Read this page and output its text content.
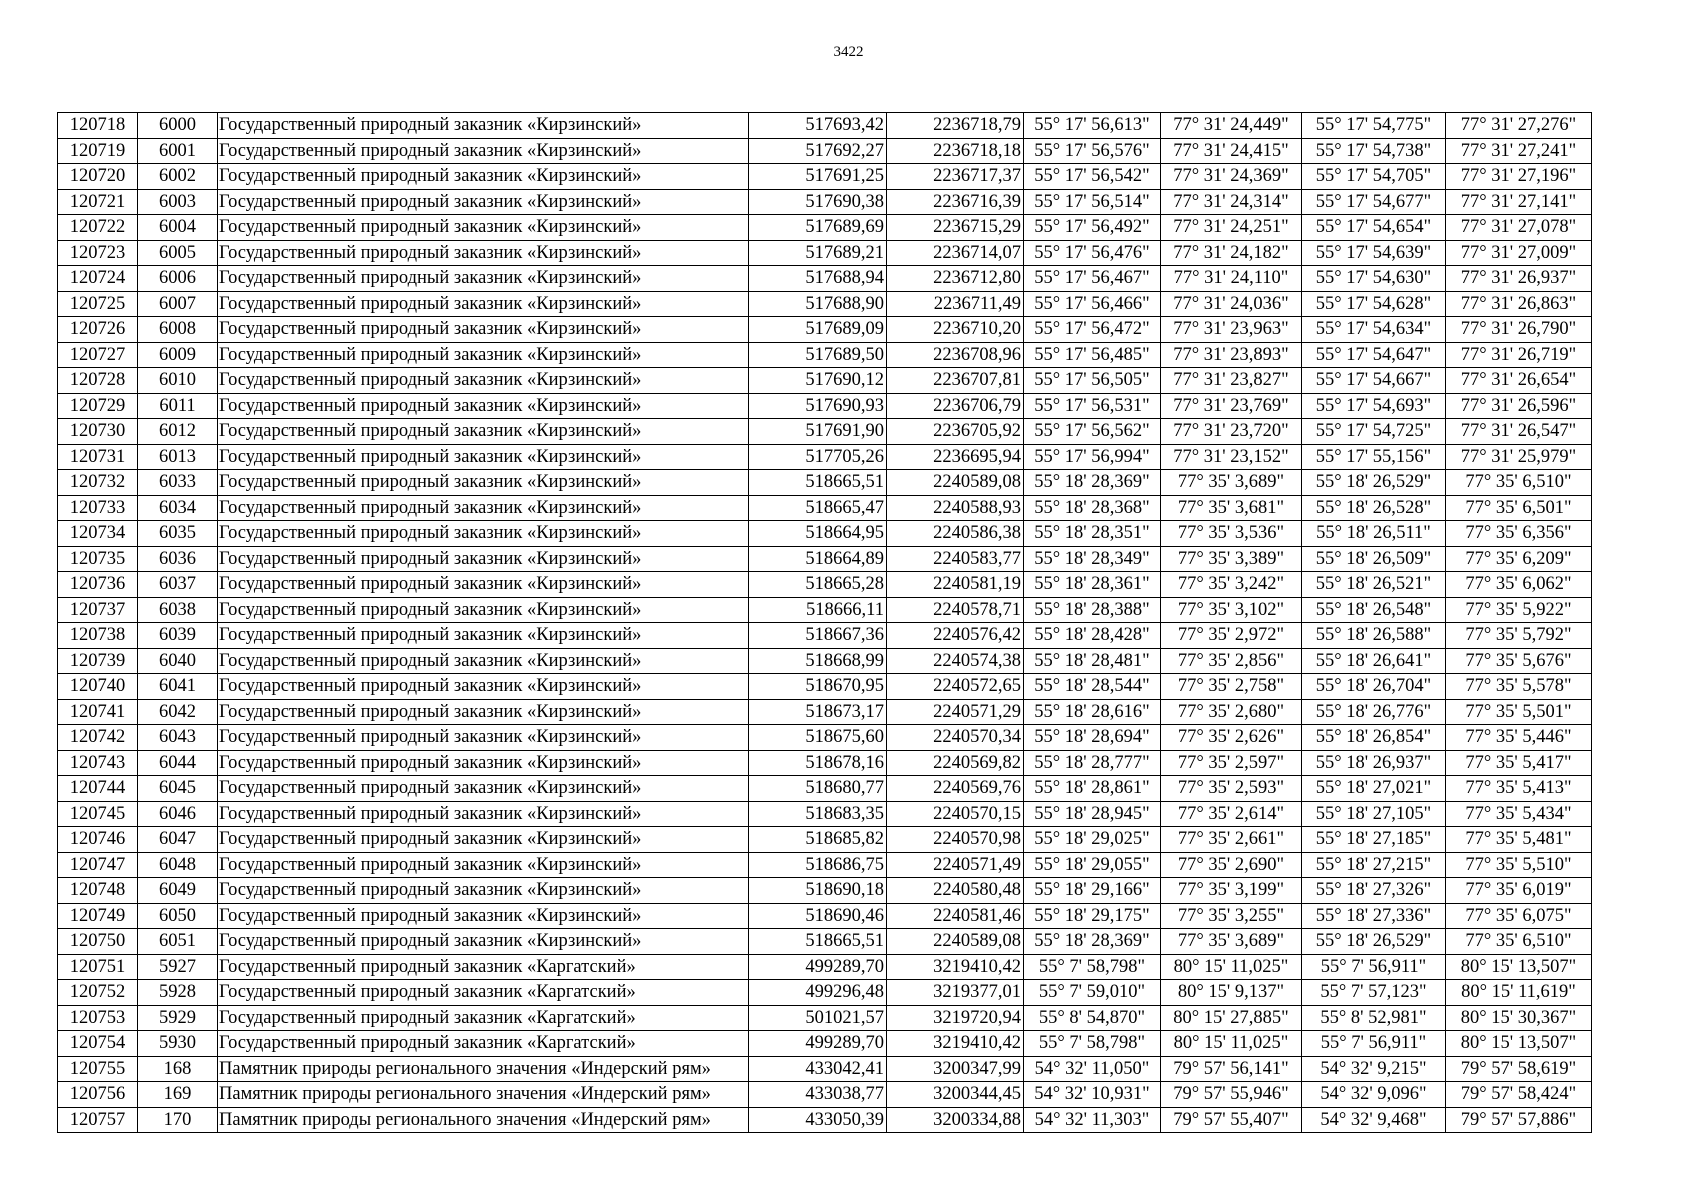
3422
120718	6000	Государственный природный заказник «Кирзинский»	517693,42	2236718,79	55° 17' 56,613"	77° 31' 24,449"	55° 17' 54,775"	77° 31' 27,276"
120719	6001	Государственный природный заказник «Кирзинский»	517692,27	2236718,18	55° 17' 56,576"	77° 31' 24,415"	55° 17' 54,738"	77° 31' 27,241"
120720	6002	Государственный природный заказник «Кирзинский»	517691,25	2236717,37	55° 17' 56,542"	77° 31' 24,369"	55° 17' 54,705"	77° 31' 27,196"
120721	6003	Государственный природный заказник «Кирзинский»	517690,38	2236716,39	55° 17' 56,514"	77° 31' 24,314"	55° 17' 54,677"	77° 31' 27,141"
120722	6004	Государственный природный заказник «Кирзинский»	517689,69	2236715,29	55° 17' 56,492"	77° 31' 24,251"	55° 17' 54,654"	77° 31' 27,078"
120723	6005	Государственный природный заказник «Кирзинский»	517689,21	2236714,07	55° 17' 56,476"	77° 31' 24,182"	55° 17' 54,639"	77° 31' 27,009"
120724	6006	Государственный природный заказник «Кирзинский»	517688,94	2236712,80	55° 17' 56,467"	77° 31' 24,110"	55° 17' 54,630"	77° 31' 26,937"
120725	6007	Государственный природный заказник «Кирзинский»	517688,90	2236711,49	55° 17' 56,466"	77° 31' 24,036"	55° 17' 54,628"	77° 31' 26,863"
120726	6008	Государственный природный заказник «Кирзинский»	517689,09	2236710,20	55° 17' 56,472"	77° 31' 23,963"	55° 17' 54,634"	77° 31' 26,790"
120727	6009	Государственный природный заказник «Кирзинский»	517689,50	2236708,96	55° 17' 56,485"	77° 31' 23,893"	55° 17' 54,647"	77° 31' 26,719"
120728	6010	Государственный природный заказник «Кирзинский»	517690,12	2236707,81	55° 17' 56,505"	77° 31' 23,827"	55° 17' 54,667"	77° 31' 26,654"
120729	6011	Государственный природный заказник «Кирзинский»	517690,93	2236706,79	55° 17' 56,531"	77° 31' 23,769"	55° 17' 54,693"	77° 31' 26,596"
120730	6012	Государственный природный заказник «Кирзинский»	517691,90	2236705,92	55° 17' 56,562"	77° 31' 23,720"	55° 17' 54,725"	77° 31' 26,547"
120731	6013	Государственный природный заказник «Кирзинский»	517705,26	2236695,94	55° 17' 56,994"	77° 31' 23,152"	55° 17' 55,156"	77° 31' 25,979"
120732	6033	Государственный природный заказник «Кирзинский»	518665,51	2240589,08	55° 18' 28,369"	77° 35' 3,689"	55° 18' 26,529"	77° 35' 6,510"
120733	6034	Государственный природный заказник «Кирзинский»	518665,47	2240588,93	55° 18' 28,368"	77° 35' 3,681"	55° 18' 26,528"	77° 35' 6,501"
120734	6035	Государственный природный заказник «Кирзинский»	518664,95	2240586,38	55° 18' 28,351"	77° 35' 3,536"	55° 18' 26,511"	77° 35' 6,356"
120735	6036	Государственный природный заказник «Кирзинский»	518664,89	2240583,77	55° 18' 28,349"	77° 35' 3,389"	55° 18' 26,509"	77° 35' 6,209"
120736	6037	Государственный природный заказник «Кирзинский»	518665,28	2240581,19	55° 18' 28,361"	77° 35' 3,242"	55° 18' 26,521"	77° 35' 6,062"
120737	6038	Государственный природный заказник «Кирзинский»	518666,11	2240578,71	55° 18' 28,388"	77° 35' 3,102"	55° 18' 26,548"	77° 35' 5,922"
120738	6039	Государственный природный заказник «Кирзинский»	518667,36	2240576,42	55° 18' 28,428"	77° 35' 2,972"	55° 18' 26,588"	77° 35' 5,792"
120739	6040	Государственный природный заказник «Кирзинский»	518668,99	2240574,38	55° 18' 28,481"	77° 35' 2,856"	55° 18' 26,641"	77° 35' 5,676"
120740	6041	Государственный природный заказник «Кирзинский»	518670,95	2240572,65	55° 18' 28,544"	77° 35' 2,758"	55° 18' 26,704"	77° 35' 5,578"
120741	6042	Государственный природный заказник «Кирзинский»	518673,17	2240571,29	55° 18' 28,616"	77° 35' 2,680"	55° 18' 26,776"	77° 35' 5,501"
120742	6043	Государственный природный заказник «Кирзинский»	518675,60	2240570,34	55° 18' 28,694"	77° 35' 2,626"	55° 18' 26,854"	77° 35' 5,446"
120743	6044	Государственный природный заказник «Кирзинский»	518678,16	2240569,82	55° 18' 28,777"	77° 35' 2,597"	55° 18' 26,937"	77° 35' 5,417"
120744	6045	Государственный природный заказник «Кирзинский»	518680,77	2240569,76	55° 18' 28,861"	77° 35' 2,593"	55° 18' 27,021"	77° 35' 5,413"
120745	6046	Государственный природный заказник «Кирзинский»	518683,35	2240570,15	55° 18' 28,945"	77° 35' 2,614"	55° 18' 27,105"	77° 35' 5,434"
120746	6047	Государственный природный заказник «Кирзинский»	518685,82	2240570,98	55° 18' 29,025"	77° 35' 2,661"	55° 18' 27,185"	77° 35' 5,481"
120747	6048	Государственный природный заказник «Кирзинский»	518686,75	2240571,49	55° 18' 29,055"	77° 35' 2,690"	55° 18' 27,215"	77° 35' 5,510"
120748	6049	Государственный природный заказник «Кирзинский»	518690,18	2240580,48	55° 18' 29,166"	77° 35' 3,199"	55° 18' 27,326"	77° 35' 6,019"
120749	6050	Государственный природный заказник «Кирзинский»	518690,46	2240581,46	55° 18' 29,175"	77° 35' 3,255"	55° 18' 27,336"	77° 35' 6,075"
120750	6051	Государственный природный заказник «Кирзинский»	518665,51	2240589,08	55° 18' 28,369"	77° 35' 3,689"	55° 18' 26,529"	77° 35' 6,510"
120751	5927	Государственный природный заказник «Каргатский»	499289,70	3219410,42	55° 7' 58,798"	80° 15' 11,025"	55° 7' 56,911"	80° 15' 13,507"
120752	5928	Государственный природный заказник «Каргатский»	499296,48	3219377,01	55° 7' 59,010"	80° 15' 9,137"	55° 7' 57,123"	80° 15' 11,619"
120753	5929	Государственный природный заказник «Каргатский»	501021,57	3219720,94	55° 8' 54,870"	80° 15' 27,885"	55° 8' 52,981"	80° 15' 30,367"
120754	5930	Государственный природный заказник «Каргатский»	499289,70	3219410,42	55° 7' 58,798"	80° 15' 11,025"	55° 7' 56,911"	80° 15' 13,507"
120755	168	Памятник природы регионального значения «Индерский рям»	433042,41	3200347,99	54° 32' 11,050"	79° 57' 56,141"	54° 32' 9,215"	79° 57' 58,619"
120756	169	Памятник природы регионального значения «Индерский рям»	433038,77	3200344,45	54° 32' 10,931"	79° 57' 55,946"	54° 32' 9,096"	79° 57' 58,424"
120757	170	Памятник природы регионального значения «Индерский рям»	433050,39	3200334,88	54° 32' 11,303"	79° 57' 55,407"	54° 32' 9,468"	79° 57' 57,886"
